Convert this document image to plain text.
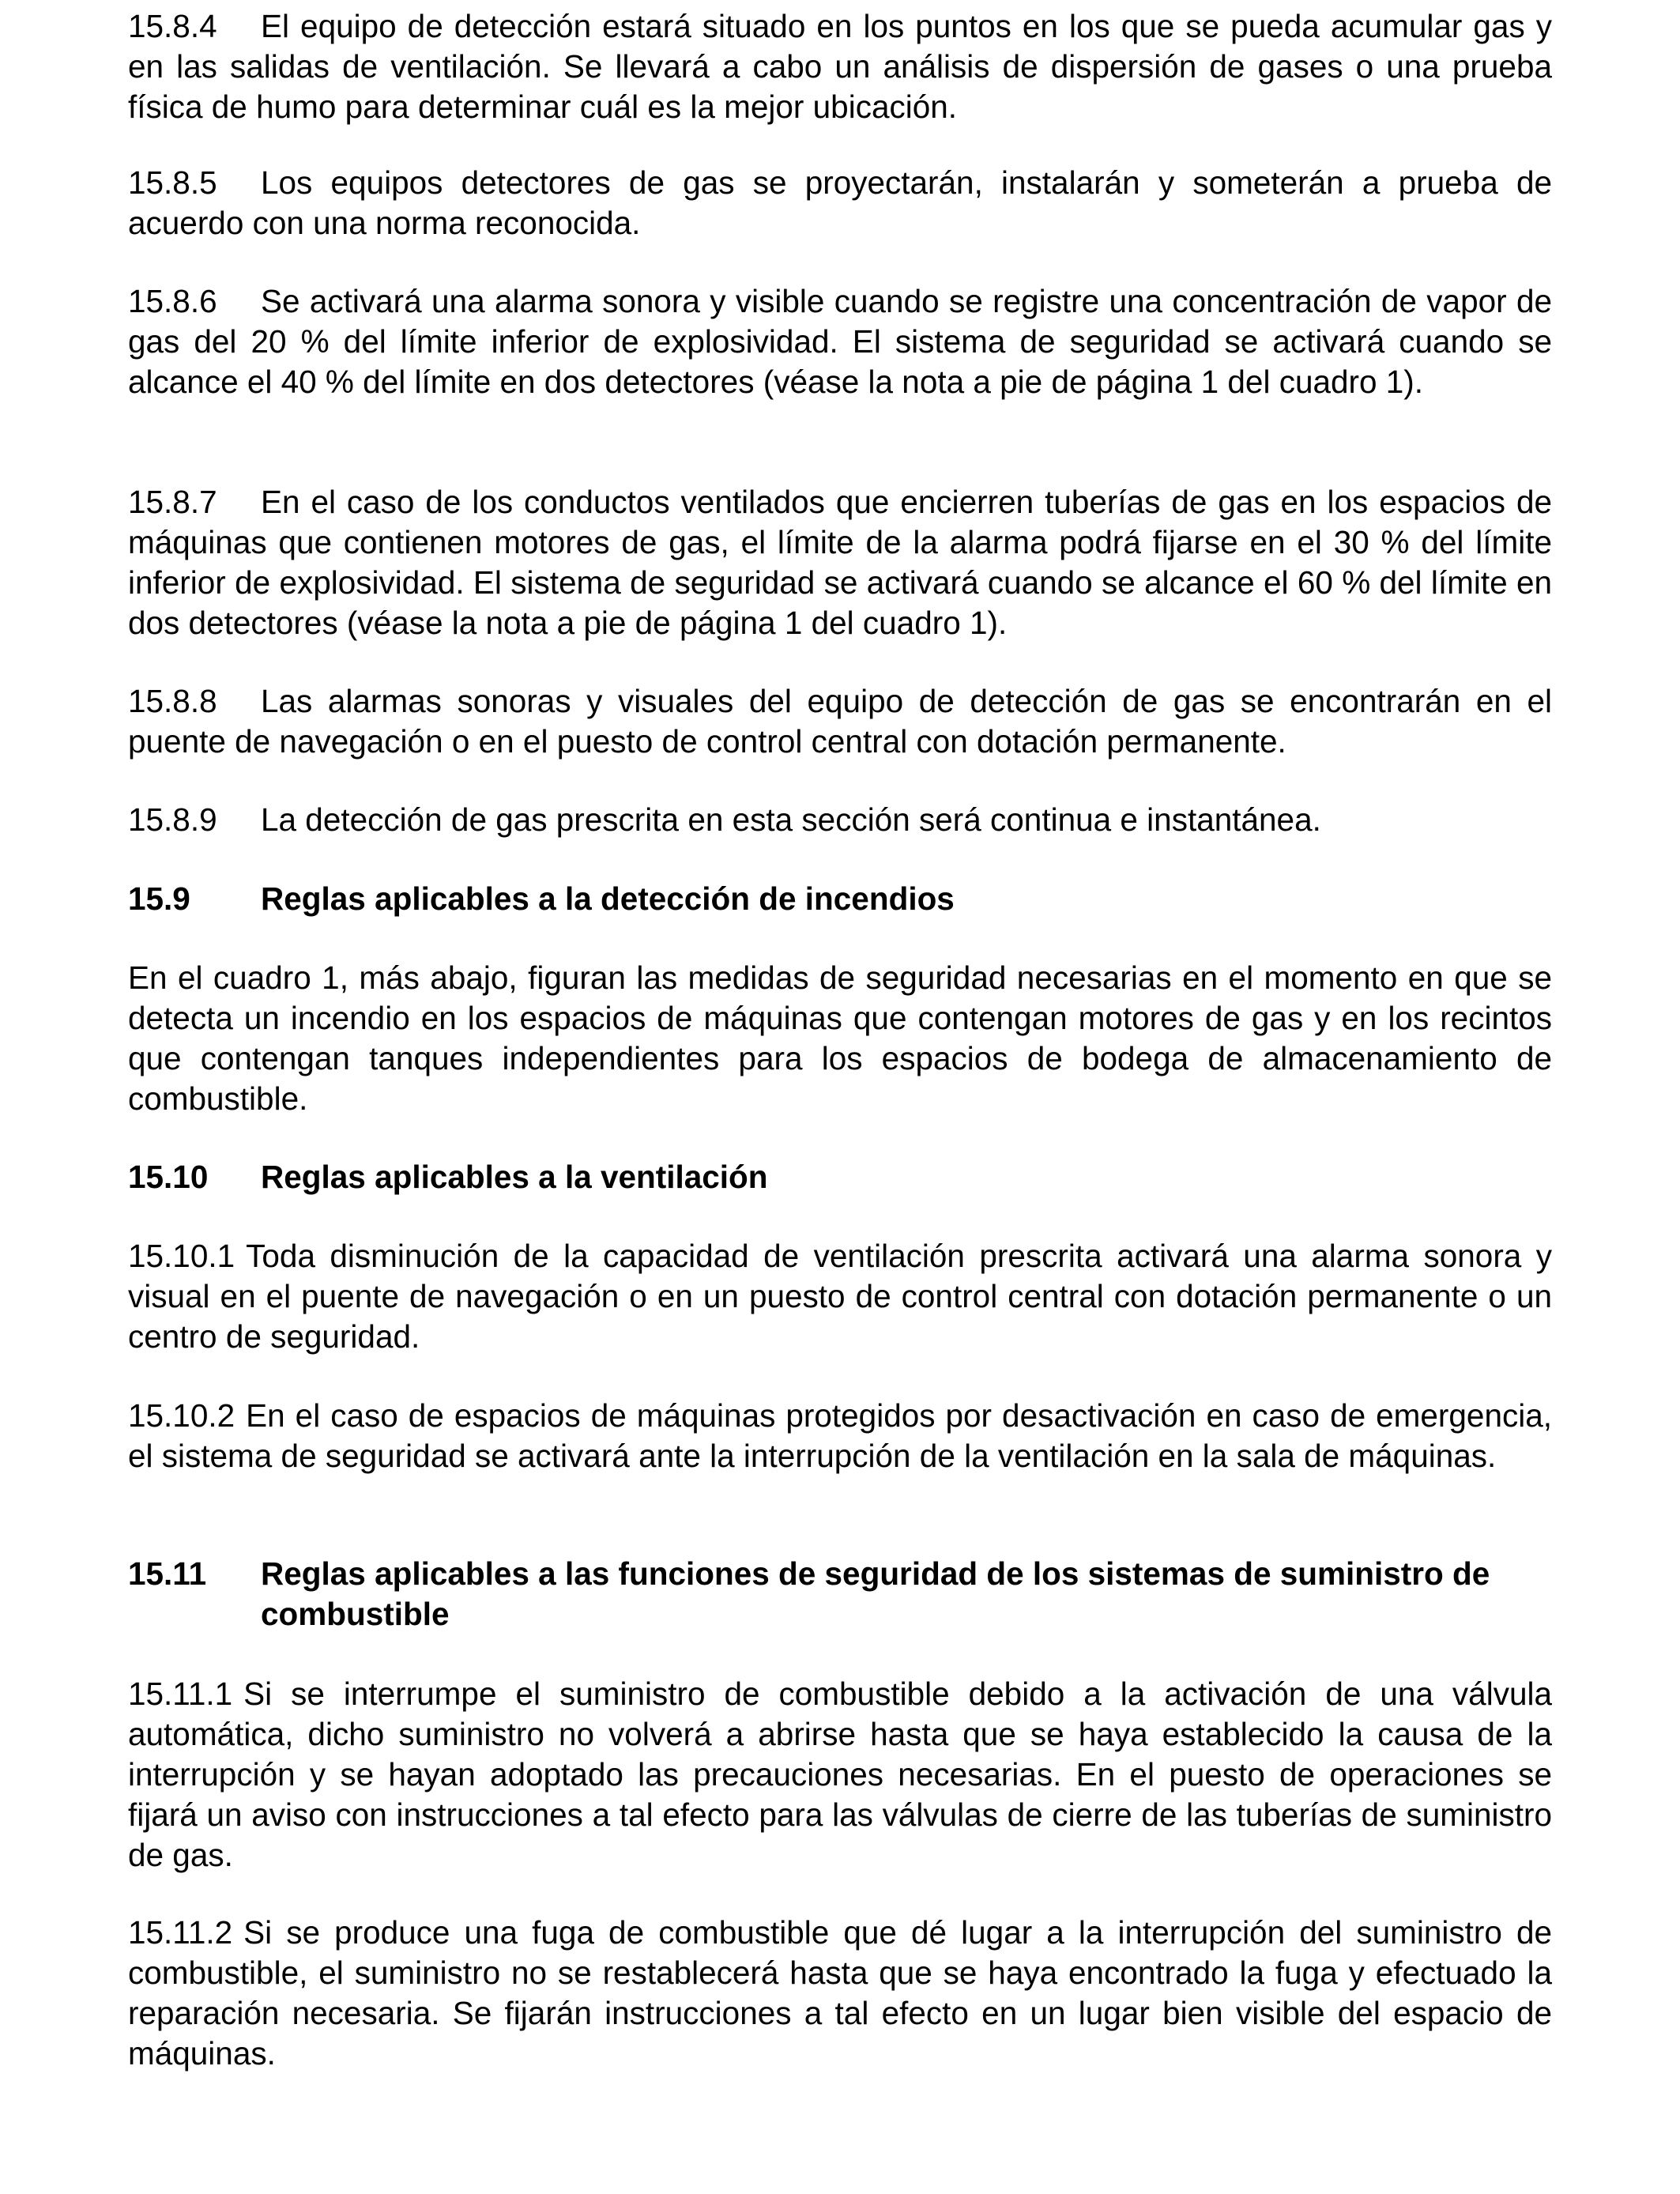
15.8.4 El equipo de detección estará situado en los puntos en los que se pueda acumular gas y en las salidas de ventilación. Se llevará a cabo un análisis de dispersión de gases o una prueba física de humo para determinar cuál es la mejor ubicación.

15.8.5 Los equipos detectores de gas se proyectarán, instalarán y someterán a prueba de acuerdo con una norma reconocida.

15.8.6 Se activará una alarma sonora y visible cuando se registre una concentración de vapor de gas del 20 % del límite inferior de explosividad. El sistema de seguridad se activará cuando se alcance el 40 % del límite en dos detectores (véase la nota a pie de página 1 del cuadro 1).

15.8.7 En el caso de los conductos ventilados que encierren tuberías de gas en los espacios de máquinas que contienen motores de gas, el límite de la alarma podrá fijarse en el 30 % del límite inferior de explosividad. El sistema de seguridad se activará cuando se alcance el 60 % del límite en dos detectores (véase la nota a pie de página 1 del cuadro 1).

15.8.8 Las alarmas sonoras y visuales del equipo de detección de gas se encontrarán en el puente de navegación o en el puesto de control central con dotación permanente.

15.8.9 La detección de gas prescrita en esta sección será continua e instantánea.

15.9	Reglas aplicables a la detección de incendios

En el cuadro 1, más abajo, figuran las medidas de seguridad necesarias en el momento en que se detecta un incendio en los espacios de máquinas que contengan motores de gas y en los recintos que contengan tanques independientes para los espacios de bodega de almacenamiento de combustible.

15.10	Reglas aplicables a la ventilación

15.10.1 Toda disminución de la capacidad de ventilación prescrita activará una alarma sonora y visual en el puente de navegación o en un puesto de control central con dotación permanente o un centro de seguridad.

15.10.2 En el caso de espacios de máquinas protegidos por desactivación en caso de emergencia, el sistema de seguridad se activará ante la interrupción de la ventilación en la sala de máquinas.

15.11	Reglas aplicables a las funciones de seguridad de los sistemas de suministro de combustible

15.11.1 Si se interrumpe el suministro de combustible debido a la activación de una válvula automática, dicho suministro no volverá a abrirse hasta que se haya establecido la causa de la interrupción y se hayan adoptado las precauciones necesarias. En el puesto de operaciones se fijará un aviso con instrucciones a tal efecto para las válvulas de cierre de las tuberías de suministro de gas.

15.11.2 Si se produce una fuga de combustible que dé lugar a la interrupción del suministro de combustible, el suministro no se restablecerá hasta que se haya encontrado la fuga y efectuado la reparación necesaria. Se fijarán instrucciones a tal efecto en un lugar bien visible del espacio de máquinas.
